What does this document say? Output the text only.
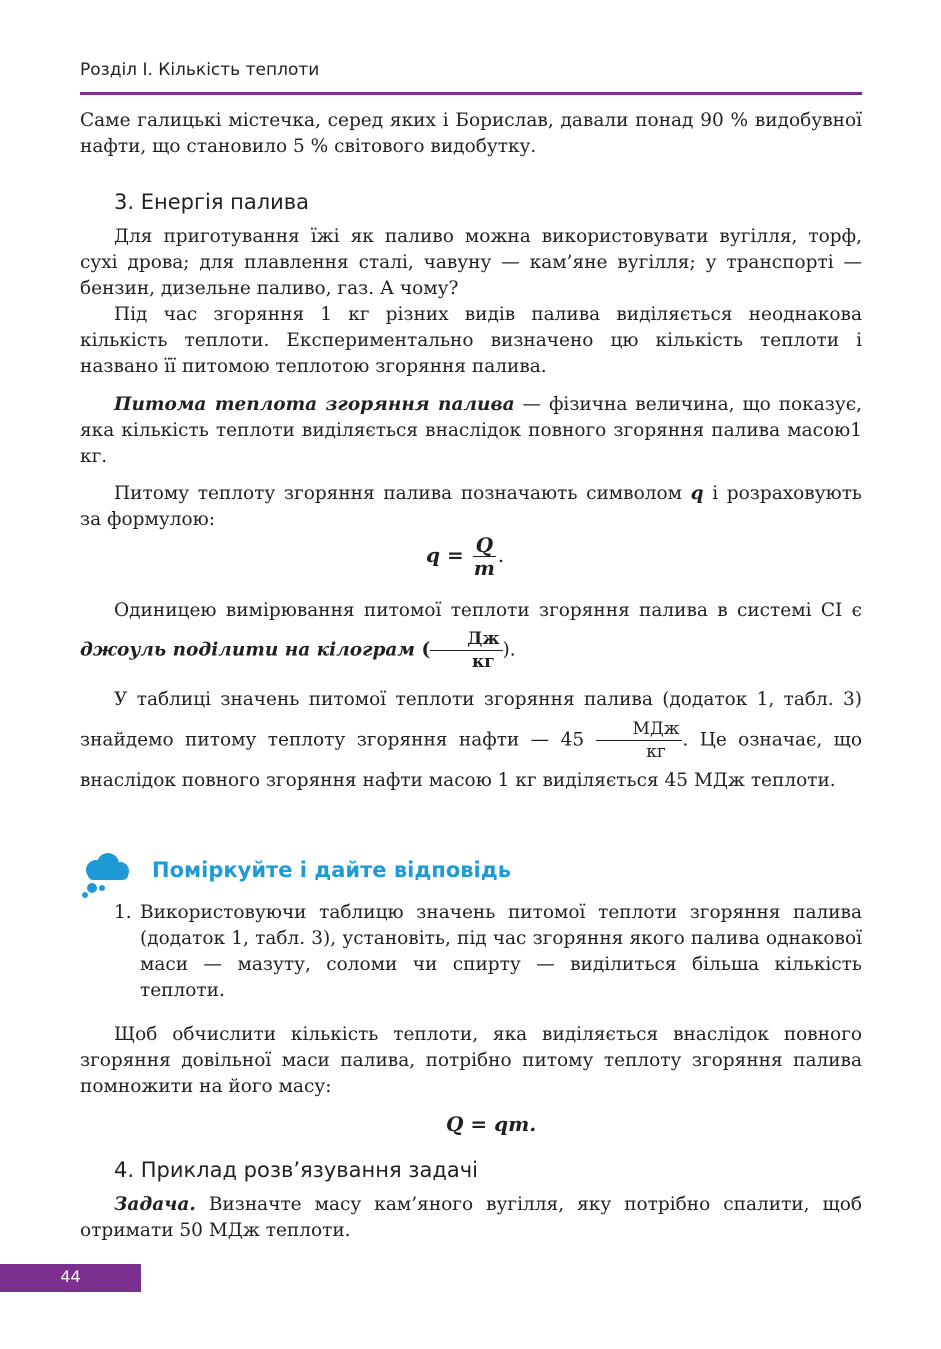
Розділ I. Кількість теплоти
Саме галицькі містечка, серед яких і Борислав, давали понад 90 % видобувної нафти, що становило 5 % світового видобутку.
3. Енергія палива
Для приготування їжі як паливо можна використовувати вугілля, торф, сухі дрова; для плавлення сталі, чавуну — кам’яне вугілля; у транспорті — бензин, дизельне паливо, газ. А чому?
Під час згоряння 1 кг різних видів палива виділяється неоднакова кількість теплоти. Експериментально визначено цю кількість теплоти і названо її питомою теплотою згоряння палива.
Питома теплота згоряння палива — фізична величина, що показує, яка кількість теплоти виділяється внаслідок повного згоряння палива масою1 кг.
Питому теплоту згоряння палива позначають символом q і розраховують за формулою:
$q = \frac{Q}{m}$ .
Одиницею вимірювання питомої теплоти згоряння палива в системі СІ є джоуль поділити на кілограм ( $\frac{Дж}{кг}$ ).
У таблиці значень питомої теплоти згоряння палива (додаток 1, табл. 3) знайдемо питому теплоту згоряння нафти — $45 \frac{\text{МДж}}{кг}$ . Це означає, що внаслідок повного згоряння нафти масою 1 кг виділяється 45 МДж теплоти.
Поміркуйте і дайте відповідь
1. Використовуючи таблицю значень питомої теплоти згоряння палива (додаток 1, табл. 3), установіть, під час згоряння якого палива однакової маси — мазуту, соломи чи спирту — виділиться більша кількість теплоти.
Щоб обчислити кількість теплоти, яка виділяється внаслідок повного згоряння довільної маси палива, потрібно питому теплоту згоряння палива помножити на його масу:
Q = qm.
4. Приклад розв’язування задачі
Задача. Визначте масу кам’яного вугілля, яку потрібно спалити, щоб отримати 50 МДж теплоти.
44
